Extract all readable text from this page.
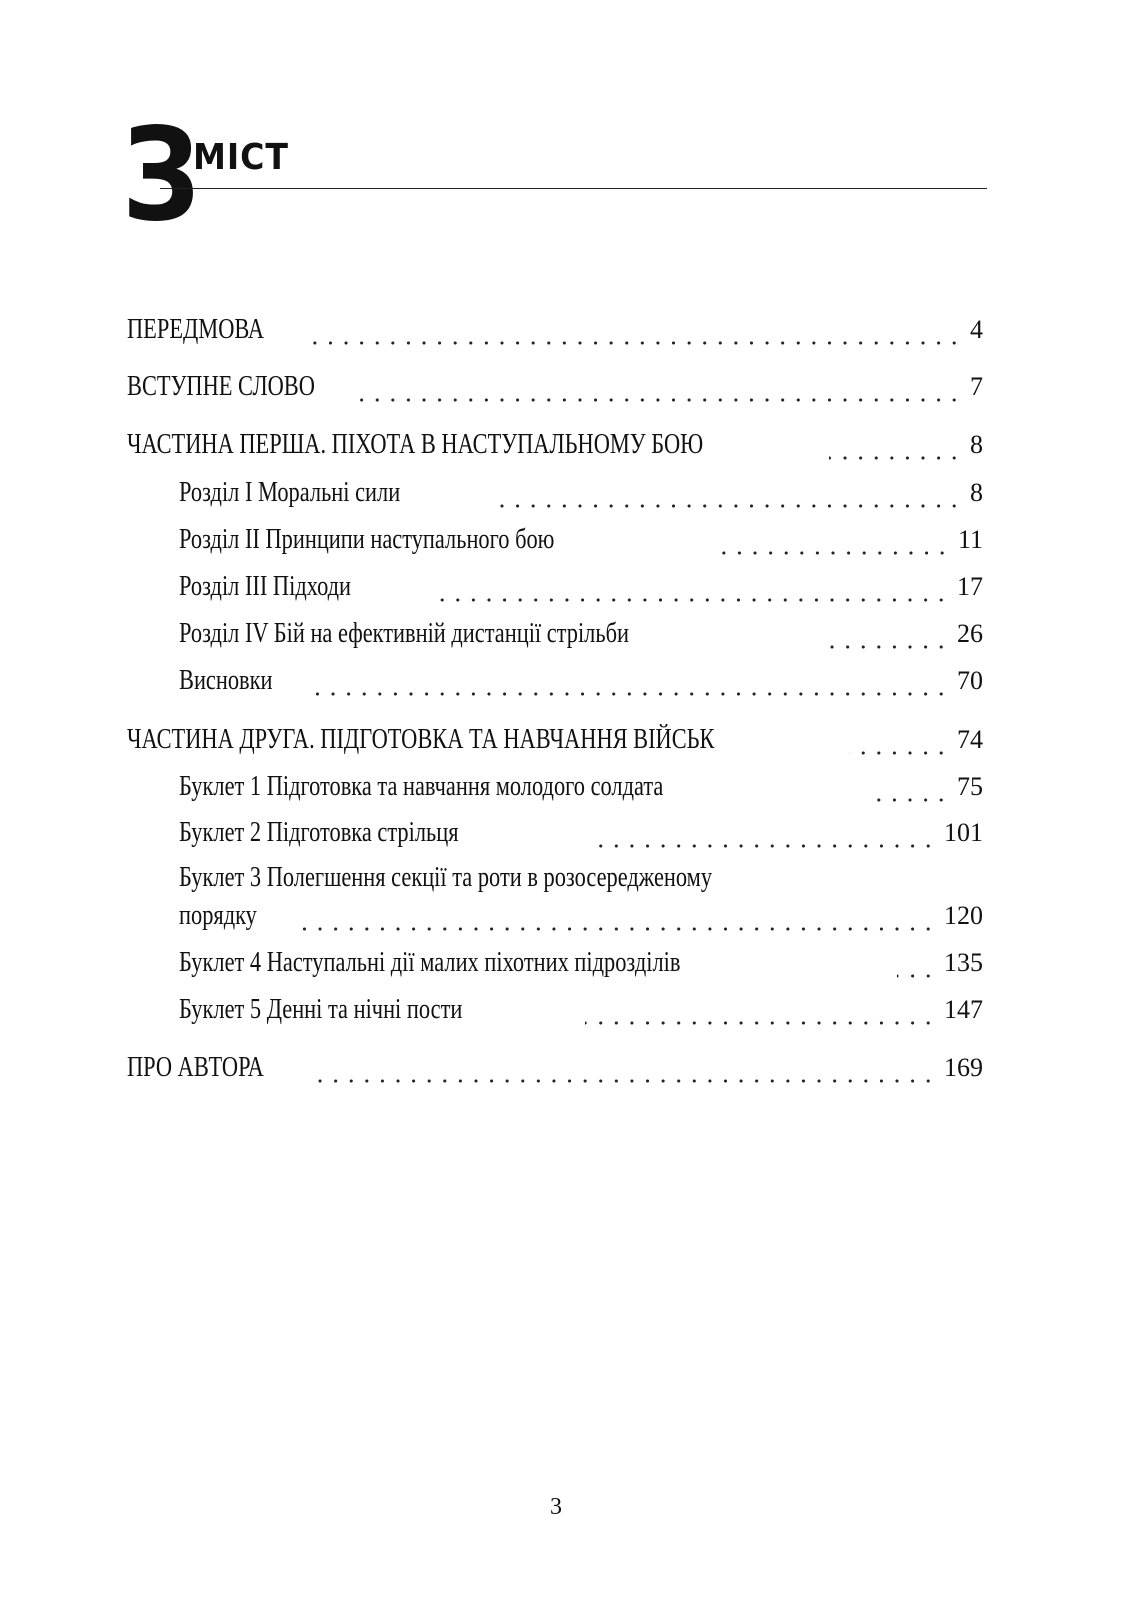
З
МІСТ
ПЕРЕДМОВА	4
ВСТУПНЕ СЛОВО	7
ЧАСТИНА ПЕРША. ПІХОТА В НАСТУПАЛЬНОМУ БОЮ	8
Розділ І Моральні сили	8
Розділ ІІ Принципи наступального бою	11
Розділ ІІІ Підходи	17
Розділ IV Бій на ефективній дистанції стрільби	26
Висновки	70
ЧАСТИНА ДРУГА. ПІДГОТОВКА ТА НАВЧАННЯ ВІЙСЬК	74
Буклет 1 Підготовка та навчання молодого солдата	75
Буклет 2 Підготовка стрільця	101
Буклет 3 Полегшення секції та роти в розосередженому
порядку	120
Буклет 4 Наступальні дії малих піхотних підрозділів	135
Буклет 5 Денні та нічні пости	147
ПРО АВТОРА	169
3
